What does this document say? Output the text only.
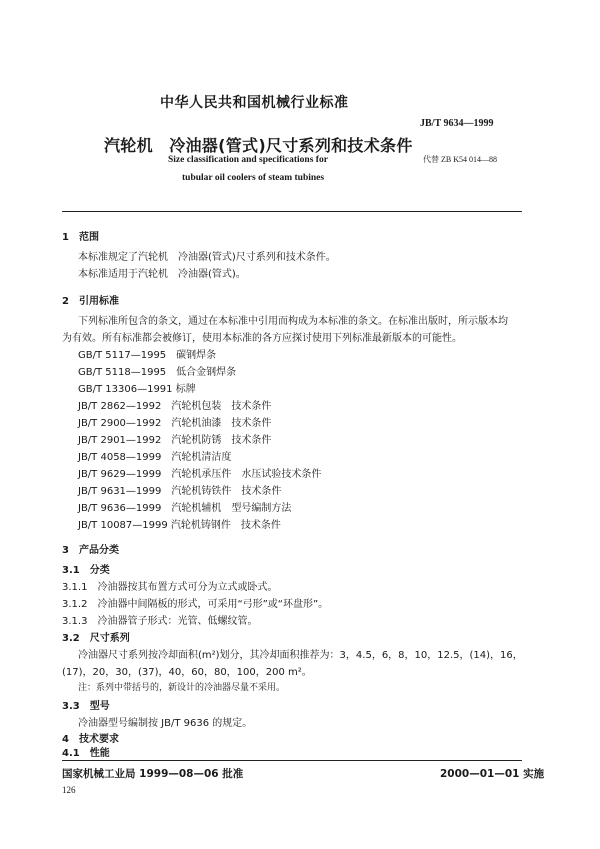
中华人民共和国机械行业标准
JB/T 9634—1999
汽轮机　冷油器(管式)尺寸系列和技术条件
代替 ZB K54 014—88
Size classification and specifications for
tubular oil coolers of steam tubines
1　范围
本标准规定了汽轮机　冷油器(管式)尺寸系列和技术条件。
本标准适用于汽轮机　冷油器(管式)。
2　引用标准
下列标准所包含的条文，通过在本标准中引用而构成为本标准的条文。在标准出版时，所示版本均
为有效。所有标准都会被修订，使用本标准的各方应探讨使用下列标准最新版本的可能性。
GB/T 5117—1995　碳钢焊条
GB/T 5118—1995　低合金钢焊条
GB/T 13306—1991 标牌
JB/T 2862—1992　汽轮机包装　技术条件
JB/T 2900—1992　汽轮机油漆　技术条件
JB/T 2901—1992　汽轮机防锈　技术条件
JB/T 4058—1999　汽轮机清洁度
JB/T 9629—1999　汽轮机承压件　水压试验技术条件
JB/T 9631—1999　汽轮机铸铁件　技术条件
JB/T 9636—1999　汽轮机辅机　型号编制方法
JB/T 10087—1999 汽轮机铸钢件　技术条件
3　产品分类
3.1　分类
3.1.1　冷油器按其布置方式可分为立式或卧式。
3.1.2　冷油器中间隔板的形式，可采用“弓形”或“环盘形”。
3.1.3　冷油器管子形式：光管、低螺纹管。
3.2　尺寸系列
冷油器尺寸系列按冷却面积(m²)划分，其冷却面积推荐为：3，4.5，6，8，10，12.5，(14)，16，
(17)，20，30，(37)，40，60，80，100，200 m²。
注：系列中带括号的，新设计的冷油器尽量不采用。
3.3　型号
冷油器型号编制按 JB/T 9636 的规定。
4　技术要求
4.1　性能
国家机械工业局 1999—08—06 批准	2000—01—01 实施
126
